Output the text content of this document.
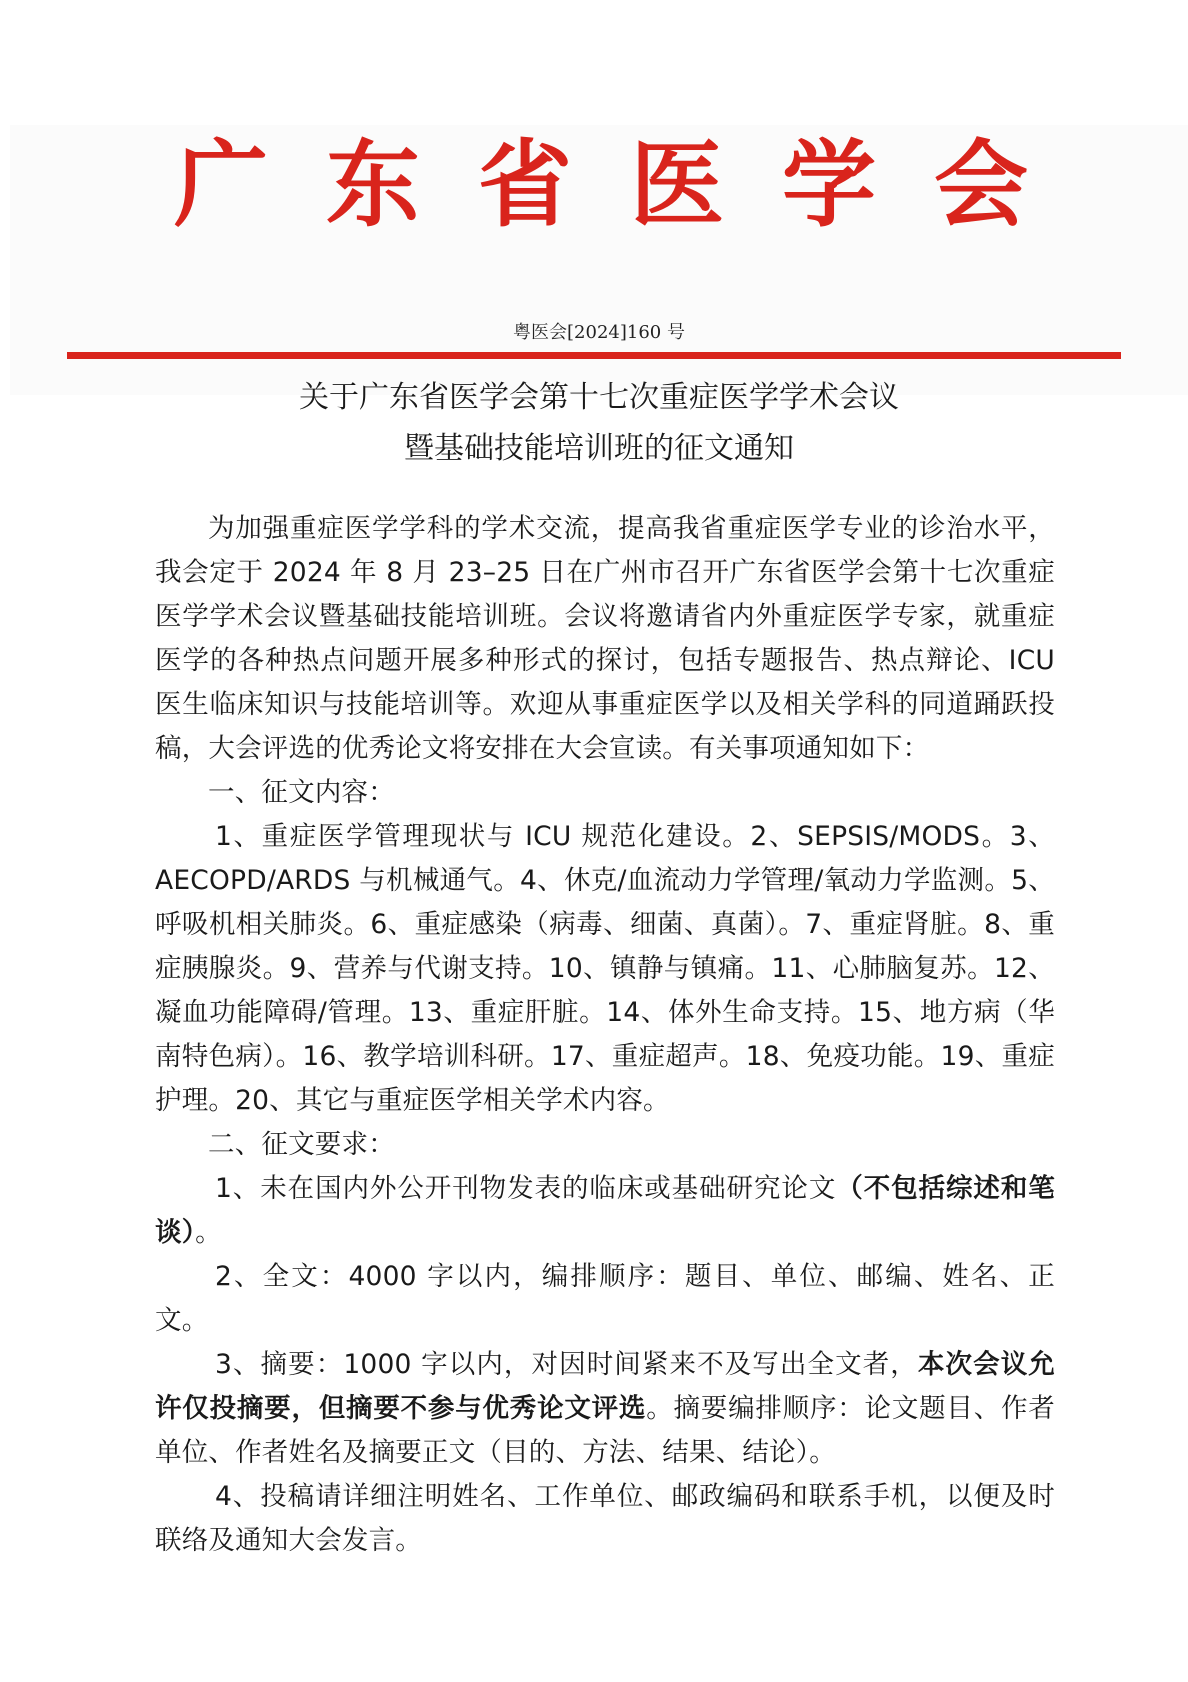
广 东 省 医 学 会
粤医会[2024]160 号
关于广东省医学会第十七次重症医学学术会议
暨基础技能培训班的征文通知

为加强重症医学学科的学术交流，提高我省重症医学专业的诊治水平，我会定于 2024 年 8 月 23–25 日在广州市召开广东省医学会第十七次重症医学学术会议暨基础技能培训班。会议将邀请省内外重症医学专家，就重症医学的各种热点问题开展多种形式的探讨，包括专题报告、热点辩论、ICU 医生临床知识与技能培训等。欢迎从事重症医学以及相关学科的同道踊跃投稿，大会评选的优秀论文将安排在大会宣读。有关事项通知如下：

一、征文内容：

1、重症医学管理现状与 ICU 规范化建设。2、SEPSIS/MODS。3、AECOPD/ARDS 与机械通气。4、休克/血流动力学管理/氧动力学监测。5、呼吸机相关肺炎。6、重症感染（病毒、细菌、真菌）。7、重症肾脏。8、重症胰腺炎。9、营养与代谢支持。10、镇静与镇痛。11、心肺脑复苏。12、凝血功能障碍/管理。13、重症肝脏。14、体外生命支持。15、地方病（华南特色病）。16、教学培训科研。17、重症超声。18、免疫功能。19、重症护理。20、其它与重症医学相关学术内容。

二、征文要求：

1、未在国内外公开刊物发表的临床或基础研究论文（不包括综述和笔谈）。

2、全文：4000 字以内，编排顺序：题目、单位、邮编、姓名、正文。

3、摘要：1000 字以内，对因时间紧来不及写出全文者，本次会议允许仅投摘要，但摘要不参与优秀论文评选。摘要编排顺序：论文题目、作者单位、作者姓名及摘要正文（目的、方法、结果、结论）。

4、投稿请详细注明姓名、工作单位、邮政编码和联系手机，以便及时联络及通知大会发言。
